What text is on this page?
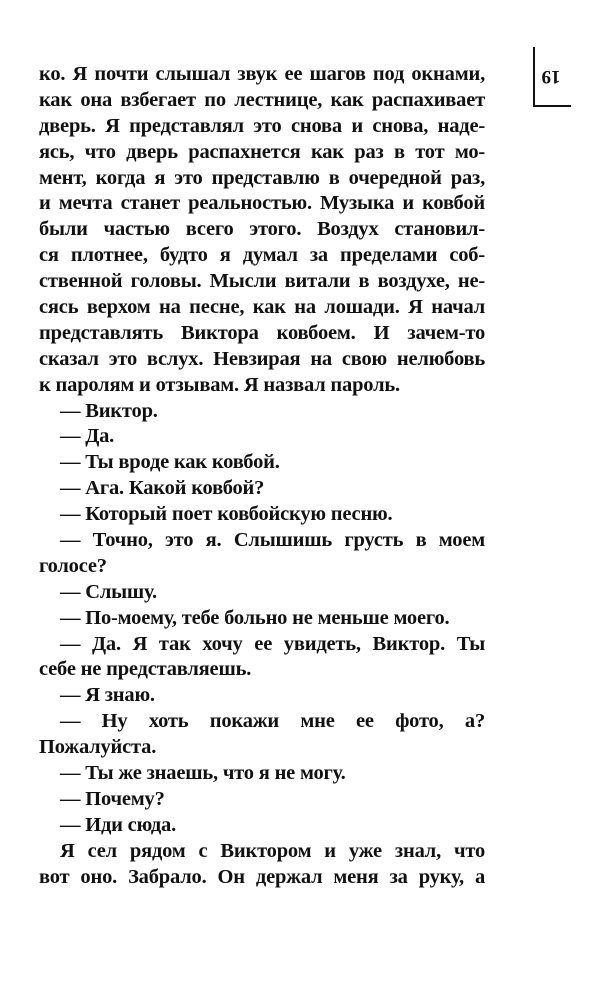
19
ко. Я почти слышал звук ее шагов под окнами,
как она взбегает по лестнице, как распахивает
дверь. Я представлял это снова и снова, наде-
ясь, что дверь распахнется как раз в тот мо-
мент, когда я это представлю в очередной раз,
и мечта станет реальностью. Музыка и ковбой
были частью всего этого. Воздух становил-
ся плотнее, будто я думал за пределами соб-
ственной головы. Мысли витали в воздухе, не-
сясь верхом на песне, как на лошади. Я начал
представлять Виктора ковбоем. И зачем-то
сказал это вслух. Невзирая на свою нелюбовь
к паролям и отзывам. Я назвал пароль.
— Виктор.
— Да.
— Ты вроде как ковбой.
— Ага. Какой ковбой?
— Который поет ковбойскую песню.
— Точно, это я. Слышишь грусть в моем
голосе?
— Слышу.
— По-моему, тебе больно не меньше моего.
— Да. Я так хочу ее увидеть, Виктор. Ты
себе не представляешь.
— Я знаю.
— Ну хоть покажи мне ее фото, а?
Пожалуйста.
— Ты же знаешь, что я не могу.
— Почему?
— Иди сюда.
Я сел рядом с Виктором и уже знал, что
вот оно. Забрало. Он держал меня за руку, а
